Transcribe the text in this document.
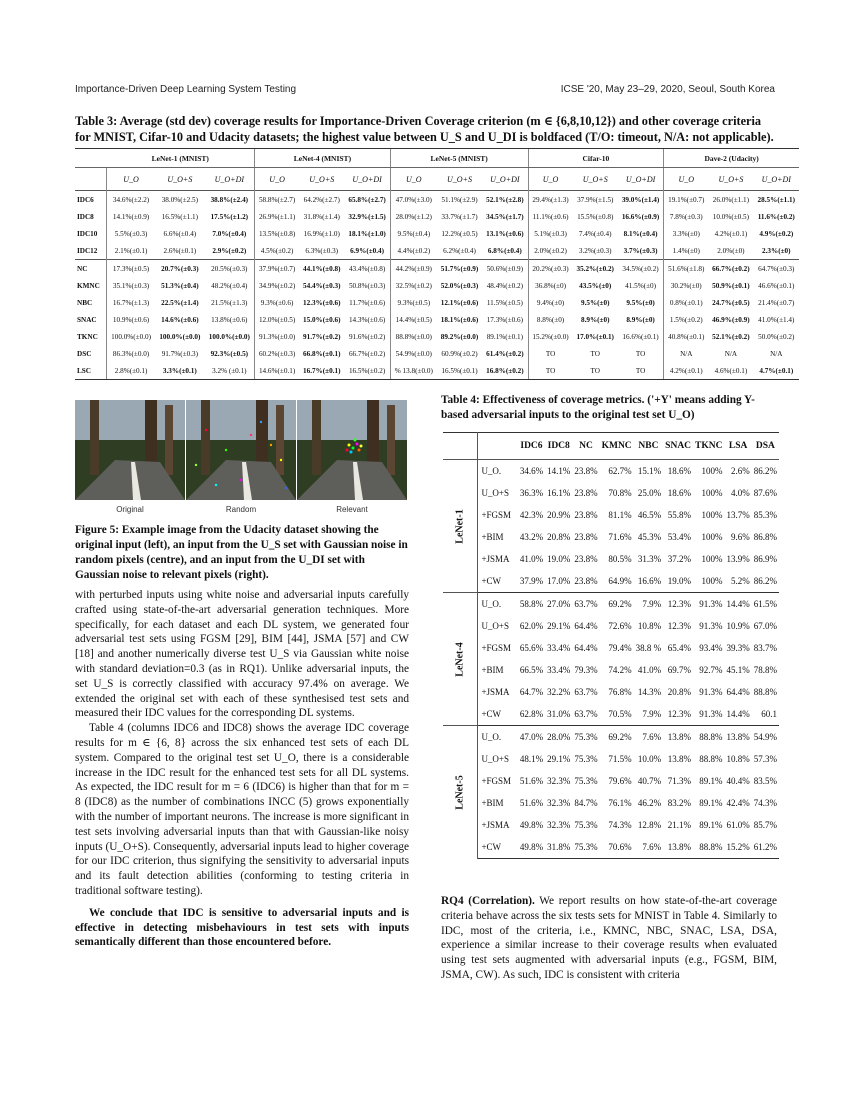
Importance-Driven Deep Learning System Testing	ICSE '20, May 23–29, 2020, Seoul, South Korea
Table 3: Average (std dev) coverage results for Importance-Driven Coverage criterion (m ∈ {6,8,10,12}) and other coverage criteria for MNIST, Cifar-10 and Udacity datasets; the highest value between U_S and U_DI is boldfaced (T/O: timeout, N/A: not applicable).
	LeNet-1 (MNIST)			LeNet-4 (MNIST)			LeNet-5 (MNIST)			Cifar-10			Dave-2 (Udacity)		
	U_O	U_O+S	U_O+DI	U_O	U_O+S	U_O+DI	U_O	U_O+S	U_O+DI	U_O	U_O+S	U_O+DI	U_O	U_O+S	U_O+DI
IDC6	34.6%(±2.2)	38.0%(±2.5)	38.8%(±2.4)	58.8%(±2.7)	64.2%(±2.7)	65.8%(±2.7)	47.0%(±3.0)	51.1%(±2.9)	52.1%(±2.8)	29.4%(±1.3)	37.9%(±1.5)	39.0%(±1.4)	19.1%(±0.7)	26.0%(±1.1)	28.5%(±1.1)
IDC8	14.1%(±0.9)	16.5%(±1.1)	17.5%(±1.2)	26.9%(±1.1)	31.8%(±1.4)	32.9%(±1.5)	28.0%(±1.2)	33.7%(±1.7)	34.5%(±1.7)	11.1%(±0.6)	15.5%(±0.8)	16.6%(±0.9)	7.8%(±0.3)	10.0%(±0.5)	11.6%(±0.2)
IDC10	5.5%(±0.3)	6.6%(±0.4)	7.0%(±0.4)	13.5%(±0.8)	16.9%(±1.0)	18.1%(±1.0)	9.5%(±0.4)	12.2%(±0.5)	13.1%(±0.6)	5.1%(±0.3)	7.4%(±0.4)	8.1%(±0.4)	3.3%(±0)	4.2%(±0.1)	4.9%(±0.2)
IDC12	2.1%(±0.1)	2.6%(±0.1)	2.9%(±0.2)	4.5%(±0.2)	6.3%(±0.3)	6.9%(±0.4)	4.4%(±0.2)	6.2%(±0.4)	6.8%(±0.4)	2.0%(±0.2)	3.2%(±0.3)	3.7%(±0.3)	1.4%(±0)	2.0%(±0)	2.3%(±0)
NC	17.3%(±0.5)	20.7%(±0.3)	20.5%(±0.3)	37.9%(±0.7)	44.1%(±0.8)	43.4%(±0.8)	44.2%(±0.9)	51.7%(±0.9)	50.6%(±0.9)	20.2%(±0.3)	35.2%(±0.2)	34.5%(±0.2)	51.6%(±1.8)	66.7%(±0.2)	64.7%(±0.3)
KMNC	35.1%(±0.3)	51.3%(±0.4)	48.2%(±0.4)	34.9%(±0.2)	54.4%(±0.3)	50.8%(±0.3)	32.5%(±0.2)	52.0%(±0.3)	48.4%(±0.2)	36.8%(±0)	43.5%(±0)	41.5%(±0)	30.2%(±0)	50.9%(±0.1)	46.6%(±0.1)
NBC	16.7%(±1.3)	22.5%(±1.4)	21.5%(±1.3)	9.3%(±0.6)	12.3%(±0.6)	11.7%(±0.6)	9.3%(±0.5)	12.1%(±0.6)	11.5%(±0.5)	9.4%(±0)	9.5%(±0)	9.5%(±0)	0.8%(±0.1)	24.7%(±0.5)	21.4%(±0.7)
SNAC	10.9%(±0.6)	14.6%(±0.6)	13.8%(±0.6)	12.0%(±0.5)	15.0%(±0.6)	14.3%(±0.6)	14.4%(±0.5)	18.1%(±0.6)	17.3%(±0.6)	8.8%(±0)	8.9%(±0)	8.9%(±0)	1.5%(±0.2)	46.9%(±0.9)	41.0%(±1.4)
TKNC	100.0%(±0.0)	100.0%(±0.0)	100.0%(±0.0)	91.3%(±0.0)	91.7%(±0.2)	91.6%(±0.2)	88.8%(±0.0)	89.2%(±0.0)	89.1%(±0.1)	15.2%(±0.0)	17.0%(±0.1)	16.6%(±0.1)	40.8%(±0.1)	52.1%(±0.2)	50.0%(±0.2)
DSC	86.3%(±0.0)	91.7%(±0.3)	92.3%(±0.5)	60.2%(±0.3)	66.8%(±0.1)	66.7%(±0.2)	54.9%(±0.0)	60.9%(±0.2)	61.4%(±0.2)	TO	TO	TO	N/A	N/A	N/A
LSC	2.8%(±0.1)	3.3%(±0.1)	3.2% (±0.1)	14.6%(±0.1)	16.7%(±0.1)	16.5%(±0.2)	% 13.8(±0.0)	16.5%(±0.1)	16.8%(±0.2)	TO	TO	TO	4.2%(±0.1)	4.6%(±0.1)	4.7%(±0.1)
Original	Random	Relevant
Figure 5: Example image from the Udacity dataset showing the original input (left), an input from the U_S set with Gaussian noise in random pixels (centre), and an input from the U_DI set with Gaussian noise to relevant pixels (right).

with perturbed inputs using white noise and adversarial inputs carefully crafted using state-of-the-art adversarial generation techniques. More specifically, for each dataset and each DL system, we generated four adversarial test sets using FGSM [29], BIM [44], JSMA [57] and CW [18] and another numerically diverse test U_S via Gaussian white noise with standard deviation=0.3 (as in RQ1). Unlike adversarial inputs, the set U_S is correctly classified with accuracy 97.4% on average. We extended the original set with each of these synthesised test sets and measured their IDC values for the corresponding DL systems.

Table 4 (columns IDC6 and IDC8) shows the average IDC coverage results for m ∈ {6, 8} across the six enhanced test sets of each DL system. Compared to the original test set U_O, there is a considerable increase in the IDC result for the enhanced test sets for all DL systems. As expected, the IDC result for m = 6 (IDC6) is higher than that for m = 8 (IDC8) as the number of combinations INCC (5) grows exponentially with the number of important neurons. The increase is more significant in test sets involving adversarial inputs than that with Gaussian-like noisy inputs (U_O+S). Consequently, adversarial inputs lead to higher coverage for our IDC criterion, thus signifying the sensitivity to adversarial inputs and its fault detection abilities (conforming to testing criteria in traditional software testing).

We conclude that IDC is sensitive to adversarial inputs and is effective in detecting misbehaviours in test sets with inputs semantically different than those encountered before.

Table 4: Effectiveness of coverage metrics. ('+Y' means adding Y-based adversarial inputs to the original test set U_O)
		IDC6	IDC8	NC	KMNC	NBC	SNAC	TKNC	LSA	DSA
LeNet-1	U_O.	34.6%	14.1%	23.8%	62.7%	15.1%	18.6%	100%	2.6%	86.2%
	U_O+S	36.3%	16.1%	23.8%	70.8%	25.0%	18.6%	100%	4.0%	87.6%
	+FGSM	42.3%	20.9%	23.8%	81.1%	46.5%	55.8%	100%	13.7%	85.3%
	+BIM	43.2%	20.8%	23.8%	71.6%	45.3%	53.4%	100%	9.6%	86.8%
	+JSMA	41.0%	19.0%	23.8%	80.5%	31.3%	37.2%	100%	13.9%	86.9%
	+CW	37.9%	17.0%	23.8%	64.9%	16.6%	19.0%	100%	5.2%	86.2%
LeNet-4	U_O.	58.8%	27.0%	63.7%	69.2%	7.9%	12.3%	91.3%	14.4%	61.5%
	U_O+S	62.0%	29.1%	64.4%	72.6%	10.8%	12.3%	91.3%	10.9%	67.0%
	+FGSM	65.6%	33.4%	64.4%	79.4%	38.8 %	65.4%	93.4%	39.3%	83.7%
	+BIM	66.5%	33.4%	79.3%	74.2%	41.0%	69.7%	92.7%	45.1%	78.8%
	+JSMA	64.7%	32.2%	63.7%	76.8%	14.3%	20.8%	91.3%	64.4%	88.8%
	+CW	62.8%	31.0%	63.7%	70.5%	7.9%	12.3%	91.3%	14.4%	60.1
LeNet-5	U_O.	47.0%	28.0%	75.3%	69.2%	7.6%	13.8%	88.8%	13.8%	54.9%
	U_O+S	48.1%	29.1%	75.3%	71.5%	10.0%	13.8%	88.8%	10.8%	57.3%
	+FGSM	51.6%	32.3%	75.3%	79.6%	40.7%	71.3%	89.1%	40.4%	83.5%
	+BIM	51.6%	32.3%	84.7%	76.1%	46.2%	83.2%	89.1%	42.4%	74.3%
	+JSMA	49.8%	32.3%	75.3%	74.3%	12.8%	21.1%	89.1%	61.0%	85.7%
	+CW	49.8%	31.8%	75.3%	70.6%	7.6%	13.8%	88.8%	15.2%	61.2%

RQ4 (Correlation). We report results on how state-of-the-art coverage criteria behave across the six tests sets for MNIST in Table 4. Similarly to IDC, most of the criteria, i.e., KMNC, NBC, SNAC, LSA, DSA, experience a similar increase to their coverage results when evaluated using test sets augmented with adversarial inputs (e.g., FGSM, BIM, JSMA, CW). As such, IDC is consistent with criteria
